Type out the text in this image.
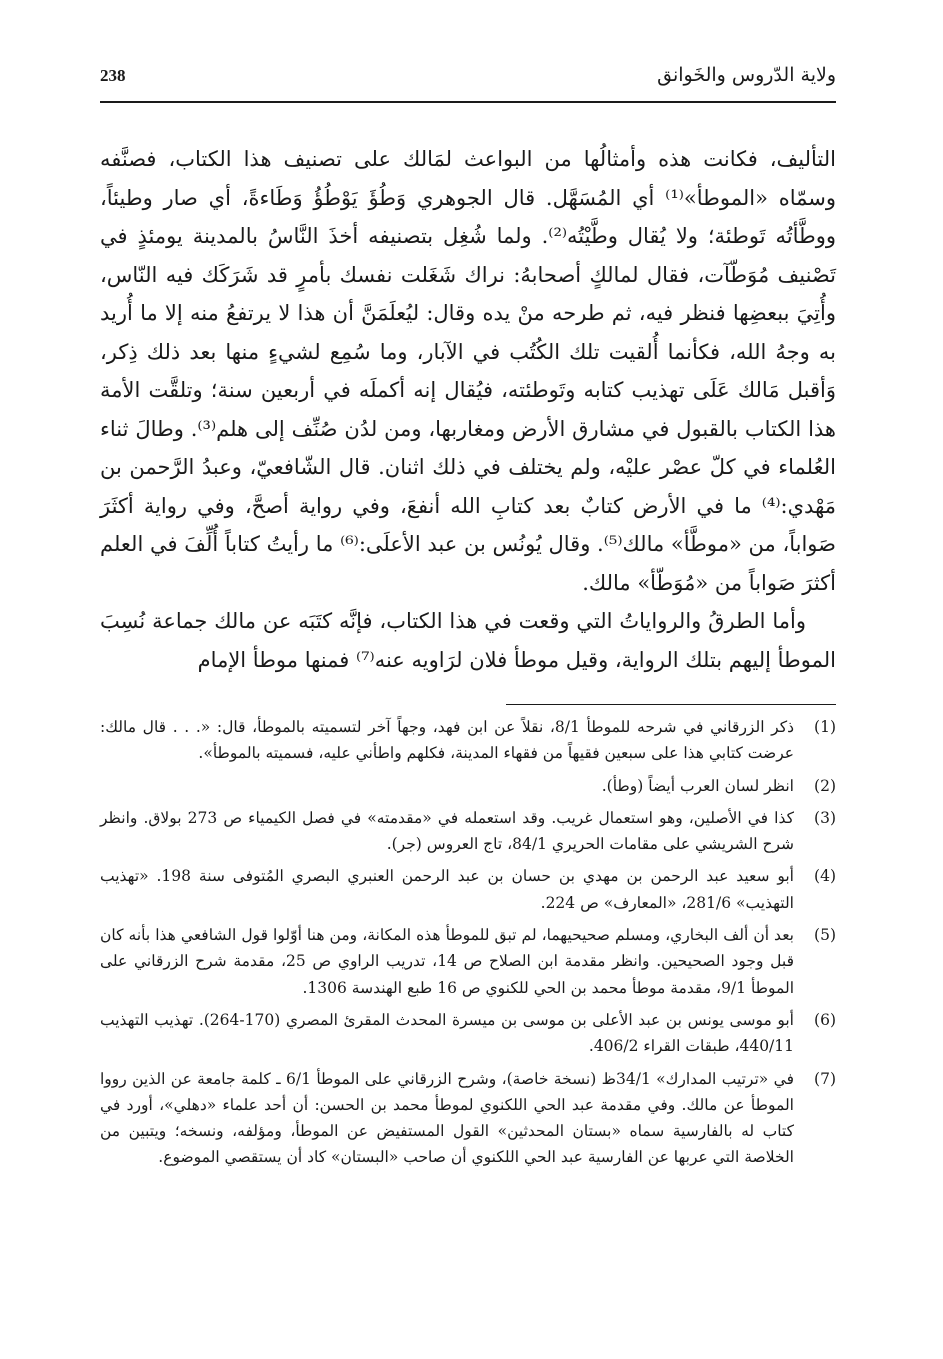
ولاية الدّروس والخَوانق
238

التأليف، فكانت هذه وأمثالُها من البواعث لمَالك على تصنيف هذا الكتاب، فصنَّفه وسمّاه «الموطأ»⁽¹⁾ أي المُسَهَّل. قال الجوهري وَطُؤَ يَوْطُؤُ وَطَاءةً، أي صار وطيئاً، ووطَّأتُه تَوطئة؛ ولا يُقال وطَّيْتُه⁽²⁾. ولما شُغِل بتصنيفه أخذَ النَّاسُ بالمدينة يومئذٍ في تَصْنيف مُوَطّآت، فقال لمالكٍ أصحابهُ: نراك شَغَلت نفسك بأمرٍ قد شَرَكَك فيه النّاس، وأُتِيَ ببعضِها فنظر فيه، ثم طرحه منْ يده وقال: ليُعلَمَنَّ أن هذا لا يرتفعُ منه إلا ما أُريد به وجهُ الله، فكأنما أُلقيت تلك الكُتُب في الآبار، وما سُمِع لشيءٍ منها بعد ذلك ذِكر، وَأقبل مَالك عَلَى تهذيب كتابه وتَوطئته، فيُقال إنه أكملَه في أربعين سنة؛ وتلقَّت الأمة هذا الكتاب بالقبول في مشارق الأرض ومغاربها، ومن لدُن صُنِّف إلى هلم⁽³⁾. وطالَ ثناء العُلماء في كلّ عصْر عليْه، ولم يختلف في ذلك اثنان. قال الشّافعيّ، وعبدُ الرَّحمن بن مَهْدي:⁽⁴⁾ ما في الأرض كتابٌ بعد كتابِ الله أنفعَ، وفي رواية أصحَّ، وفي رواية أكثَرَ صَواباً، من «موطَّأ» مالك⁽⁵⁾. وقال يُونُس بن عبد الأعلَى:⁽⁶⁾ ما رأيتُ كتاباً أُلِّفَ في العلم أكثرَ صَواباً من «مُوَطّأ» مالك.

وأما الطرقُ والرواياتُ التي وقعت في هذا الكتاب، فإنَّه كتَبَه عن مالك جماعة نُسِبَ الموطأ إليهم بتلك الرواية، وقيل موطأ فلان لرَاويه عنه⁽⁷⁾ فمنها موطأ الإمام

(1)
ذكر الزرقاني في شرحه للموطأ 8/1، نقلاً عن ابن فهد، وجهاً آخر لتسميته بالموطأ، قال: «. . . قال مالك: عرضت كتابي هذا على سبعين فقيهاً من فقهاء المدينة، فكلهم واطأني عليه، فسميته بالموطأ».
(2)
انظر لسان العرب أيضاً (وطأ).
(3)
كذا في الأصلين، وهو استعمال غريب. وقد استعمله في «مقدمته» في فصل الكيمياء ص 273 بولاق. وانظر شرح الشريشي على مقامات الحريري 84/1، تاج العروس (جر).
(4)
أبو سعيد عبد الرحمن بن مهدي بن حسان بن عبد الرحمن العنبري البصري المُتوفى سنة 198. «تهذيب التهذيب» 281/6، «المعارف» ص 224.
(5)
بعد أن ألف البخاري، ومسلم صحيحيهما، لم تبق للموطأ هذه المكانة، ومن هنا أوّلوا قول الشافعي هذا بأنه كان قبل وجود الصحيحين. وانظر مقدمة ابن الصلاح ص 14، تدريب الراوي ص 25، مقدمة شرح الزرقاني على الموطأ 9/1، مقدمة موطأ محمد بن الحي للكنوي ص 16 طبع الهندسة 1306.
(6)
أبو موسى يونس بن عبد الأعلى بن موسى بن ميسرة المحدث المقرئ المصري (170-264). تهذيب التهذيب 440/11، طبقات القراء 406/2.
(7)
في «ترتيب المدارك» 34/1ظ (نسخة خاصة)، وشرح الزرقاني على الموطأ 6/1 ـ كلمة جامعة عن الذين رووا الموطأ عن مالك. وفي مقدمة عبد الحي اللكنوي لموطأ محمد بن الحسن: أن أحد علماء «دهلي»، أورد في كتاب له بالفارسية سماه «بستان المحدثين» القول المستفيض عن الموطأ، ومؤلفه، ونسخه؛ ويتبين من الخلاصة التي عربها عن الفارسية عبد الحي اللكنوي أن صاحب «البستان» كاد أن يستقصي الموضوع.
